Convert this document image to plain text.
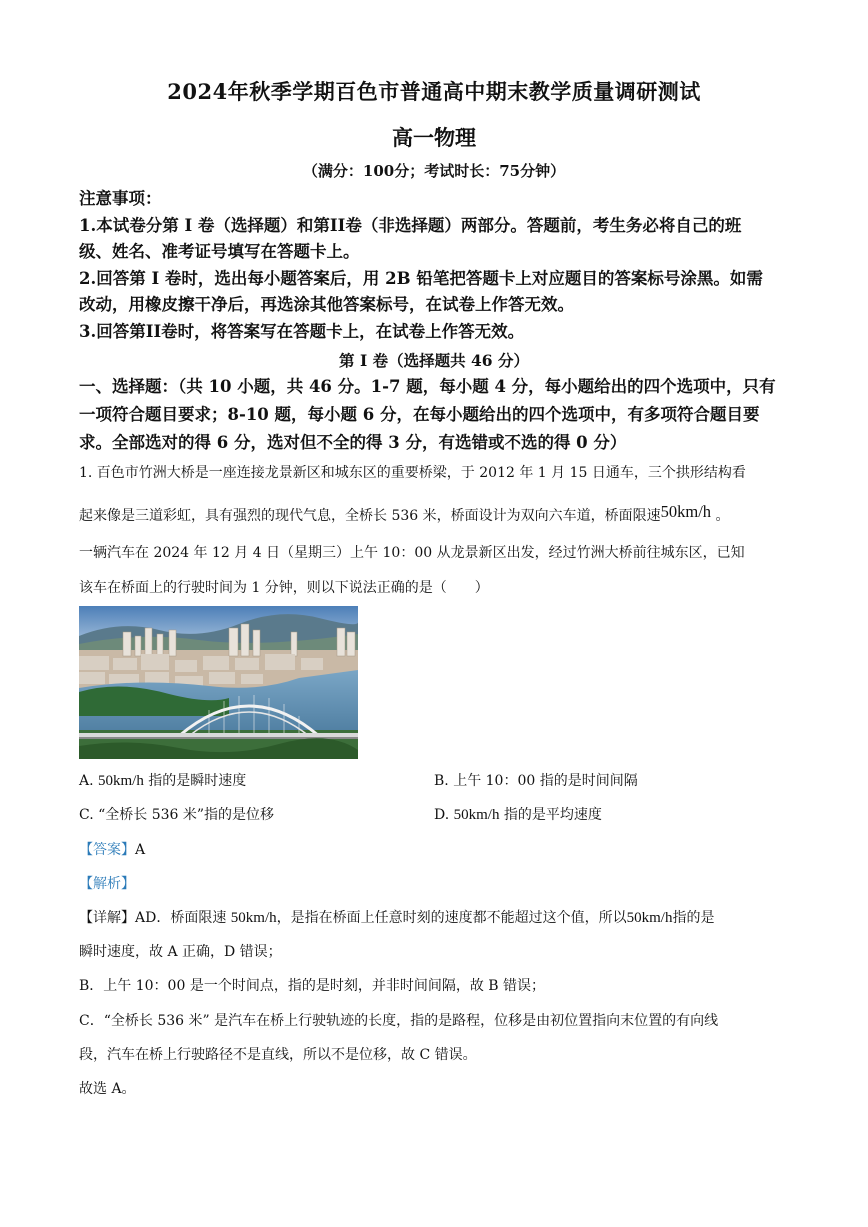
2024年秋季学期百色市普通高中期末教学质量调研测试
高一物理
（满分：100分；考试时长：75分钟）
注意事项：
1.本试卷分第 I 卷（选择题）和第II卷（非选择题）两部分。答题前，考生务必将自己的班
级、姓名、准考证号填写在答题卡上。
2.回答第 I 卷时，选出每小题答案后，用 2B 铅笔把答题卡上对应题目的答案标号涂黑。如需
改动，用橡皮擦干净后，再选涂其他答案标号，在试卷上作答无效。
3.回答第II卷时，将答案写在答题卡上，在试卷上作答无效。
第 I 卷（选择题共 46 分）
一、选择题：（共 10 小题，共 46 分。1-7 题，每小题 4 分，每小题给出的四个选项中，只有
一项符合题目要求；8-10 题，每小题 6 分，在每小题给出的四个选项中，有多项符合题目要
求。全部选对的得 6 分，选对但不全的得 3 分，有选错或不选的得 0 分）
1. 百色市竹洲大桥是一座连接龙景新区和城东区的重要桥梁，于 2012 年 1 月 15 日通车，三个拱形结构看
起来像是三道彩虹，具有强烈的现代气息，全桥长 536 米，桥面设计为双向六车道，桥面限速50km/h 。
一辆汽车在 2024 年 12 月 4 日（星期三）上午 10：00 从龙景新区出发，经过竹洲大桥前往城东区，已知
该车在桥面上的行驶时间为 1 分钟，则以下说法正确的是（　　）
A. 50km/h 指的是瞬时速度	B. 上午 10：00 指的是时间间隔
C. “全桥长 536 米”指的是位移	D. 50km/h 指的是平均速度
【答案】A
【解析】
【详解】AD．桥面限速 50km/h，是指在桥面上任意时刻的速度都不能超过这个值，所以50km/h指的是
瞬时速度，故 A 正确，D 错误；
B．上午 10：00 是一个时间点，指的是时刻，并非时间间隔，故 B 错误；
C．“全桥长 536 米” 是汽车在桥上行驶轨迹的长度，指的是路程，位移是由初位置指向末位置的有向线
段，汽车在桥上行驶路径不是直线，所以不是位移，故 C 错误。
故选 A。
